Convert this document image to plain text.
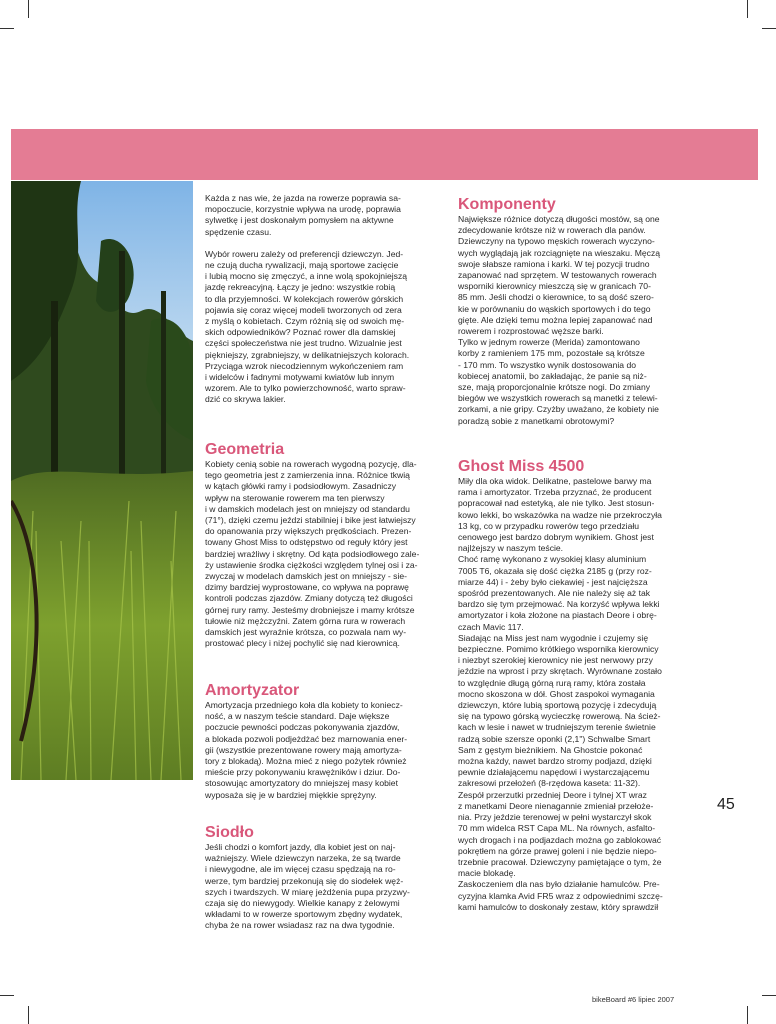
Każda z nas wie, że jazda na rowerze poprawia sa-
mopoczucie, korzystnie wpływa na urodę, poprawia
sylwetkę i jest doskonałym pomysłem na aktywne
spędzenie czasu.

Wybór roweru zależy od preferencji dziewczyn. Jed-
ne czują ducha rywalizacji, mają sportowe zacięcie
i lubią mocno się zmęczyć, a inne wolą spokojniejszą
jazdę rekreacyjną. Łączy je jedno: wszystkie robią
to dla przyjemności. W kolekcjach rowerów górskich
pojawia się coraz więcej modeli tworzonych od zera
z myślą o kobietach. Czym różnią się od swoich mę-
skich odpowiedników? Poznać rower dla damskiej
części społeczeństwa nie jest trudno. Wizualnie jest
piękniejszy, zgrabniejszy, w delikatniejszych kolorach.
Przyciąga wzrok niecodziennym wykończeniem ram
i widelców i fadnymi motywami kwiatów lub innym
wzorem. Ale to tylko powierzchowność, warto spraw-
dzić co skrywa lakier.

Geometria

Kobiety cenią sobie na rowerach wygodną pozycję, dla-
tego geometria jest z zamierzenia inna. Różnice tkwią
w kątach główki ramy i podsiodłowym. Zasadniczy
wpływ na sterowanie rowerem ma ten pierwszy
i w damskich modelach jest on mniejszy od standardu
(71°), dzięki czemu jeździ stabilniej i bike jest łatwiejszy
do opanowania przy większych prędkościach. Prezen-
towany Ghost Miss to odstępstwo od reguły który jest
bardziej wrażliwy i skrętny. Od kąta podsiodłowego zale-
ży ustawienie środka ciężkości względem tylnej osi i za-
zwyczaj w modelach damskich jest on mniejszy - sie-
dzimy bardziej wyprostowane, co wpływa na poprawę
kontroli podczas zjazdów. Zmiany dotyczą też długości
górnej rury ramy. Jesteśmy drobniejsze i mamy krótsze
tułowie niż mężczyźni. Zatem górna rura w rowerach
damskich jest wyraźnie krótsza, co pozwala nam wy-
prostować plecy i niżej pochylić się nad kierownicą.

Amortyzator

Amortyzacja przedniego koła dla kobiety to koniecz-
ność, a w naszym teście standard. Daje większe
poczucie pewności podczas pokonywania zjazdów,
a blokada pozwoli podjeżdżać bez marnowania ener-
gii (wszystkie prezentowane rowery mają amortyza-
tory z blokadą). Można mieć z niego pożytek również
mieście przy pokonywaniu krawężników i dziur. Do-
stosowując amortyzatory do mniejszej masy kobiet
wyposaża się je w bardziej miękkie sprężyny.

Siodło

Jeśli chodzi o komfort jazdy, dla kobiet jest on naj-
ważniejszy. Wiele dziewczyn narzeka, że są twarde
i niewygodne, ale im więcej czasu spędzają na ro-
werze, tym bardziej przekonują się do siodełek węż-
szych i twardszych. W miarę jeżdżenia pupa przyzwy-
czaja się do niewygody. Wielkie kanapy z żelowymi
wkładami to w rowerze sportowym zbędny wydatek,
chyba że na rower wsiadasz raz na dwa tygodnie.

Komponenty

Największe różnice dotyczą długości mostów, są one
zdecydowanie krótsze niż w rowerach dla panów.
Dziewczyny na typowo męskich rowerach wyczyno-
wych wyglądają jak rozciągnięte na wieszaku. Męczą
swoje słabsze ramiona i karki. W tej pozycji trudno
zapanować nad sprzętem. W testowanych rowerach
wsporniki kierownicy mieszczą się w granicach 70-
85 mm. Jeśli chodzi o kierownice, to są dość szero-
kie w porównaniu do wąskich sportowych i do tego
gięte. Ale dzięki temu można lepiej zapanować nad
rowerem i rozprostować węższe barki.
Tylko w jednym rowerze (Merida) zamontowano
korby z ramieniem 175 mm, pozostałe są krótsze
- 170 mm. To wszystko wynik dostosowania do
kobiecej anatomii, bo zakładając, że panie są niż-
sze, mają proporcjonalnie krótsze nogi. Do zmiany
biegów we wszystkich rowerach są manetki z telewi-
zorkami, a nie gripy. Czyżby uważano, że kobiety nie
poradzą sobie z manetkami obrotowymi?

Ghost Miss 4500

Miły dla oka widok. Delikatne, pastelowe barwy ma
rama i amortyzator. Trzeba przyznać, że producent
popracował nad estetyką, ale nie tylko. Jest stosun-
kowo lekki, bo wskazówka na wadze nie przekroczyła
13 kg, co w przypadku rowerów tego przedziału
cenowego jest bardzo dobrym wynikiem. Ghost jest
najlżejszy w naszym teście.
Choć ramę wykonano z wysokiej klasy aluminium
7005 T6, okazała się dość ciężka 2185 g (przy roz-
miarze 44) i - żeby było ciekawiej - jest najcięższa
spośród prezentowanych. Ale nie należy się aż tak
bardzo się tym przejmować. Na korzyść wpływa lekki
amortyzator i koła złożone na piastach Deore i obrę-
czach Mavic 117.
Siadając na Miss jest nam wygodnie i czujemy się
bezpieczne. Pomimo krótkiego wspornika kierownicy
i niezbyt szerokiej kierownicy nie jest nerwowy przy
jeździe na wprost i przy skrętach. Wyrównane zostało
to względnie długą górną rurą ramy, która została
mocno skoszona w dół. Ghost zaspokoi wymagania
dziewczyn, które lubią sportową pozycję i zdecydują
się na typowo górską wycieczkę rowerową. Na ścież-
kach w lesie i nawet w trudniejszym terenie świetnie
radzą sobie szersze oponki (2,1") Schwalbe Smart
Sam z gęstym bieżnikiem. Na Ghostcie pokonać
można każdy, nawet bardzo stromy podjazd, dzięki
pewnie działającemu napędowi i wystarczającemu
zakresowi przełożeń (8-rzędowa kaseta: 11-32).
Zespół przerzutki przedniej Deore i tylnej XT wraz
z manetkami Deore nienagannie zmieniał przełoże-
nia. Przy jeździe terenowej w pełni wystarczył skok
70 mm widelca RST Capa ML. Na równych, asfalto-
wych drogach i na podjazdach można go zablokować
pokrętłem na górze prawej goleni i nie będzie niepo-
trzebnie pracował. Dziewczyny pamiętające o tym, że
macie blokadę.
Zaskoczeniem dla nas było działanie hamulców. Pre-
cyzyjna klamka Avid FR5 wraz z odpowiednimi szczę-
kami hamulców to doskonały zestaw, który sprawdził

45
bikeBoard #6 lipiec 2007
